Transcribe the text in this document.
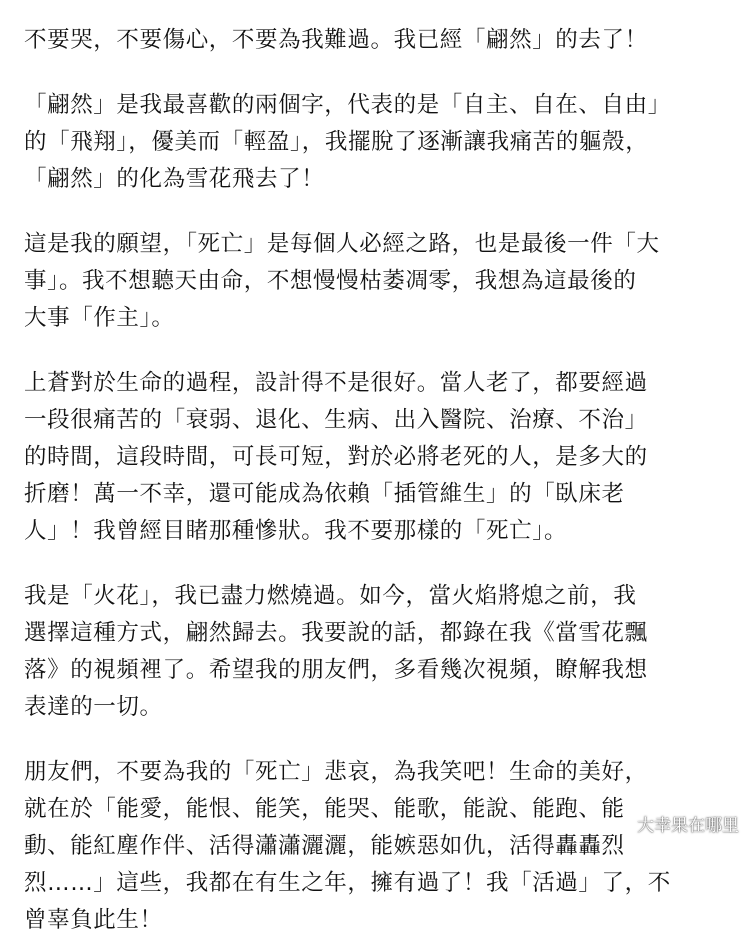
不要哭，不要傷心，不要為我難過。我已經「翩然」的去了！
「翩然」是我最喜歡的兩個字，代表的是「自主、自在、自由」
的「飛翔」，優美而「輕盈」，我擺脫了逐漸讓我痛苦的軀殼，
「翩然」的化為雪花飛去了！
這是我的願望，「死亡」是每個人必經之路，也是最後一件「大
事」。我不想聽天由命，不想慢慢枯萎凋零，我想為這最後的
大事「作主」。
上蒼對於生命的過程，設計得不是很好。當人老了，都要經過
一段很痛苦的「衰弱、退化、生病、出入醫院、治療、不治」
的時間，這段時間，可長可短，對於必將老死的人，是多大的
折磨！萬一不幸，還可能成為依賴「插管維生」的「臥床老
人」！我曾經目睹那種慘狀。我不要那樣的「死亡」。
我是「火花」，我已盡力燃燒過。如今，當火焰將熄之前，我
選擇這種方式，翩然歸去。我要說的話，都錄在我《當雪花飄
落》的視頻裡了。希望我的朋友們，多看幾次視頻，瞭解我想
表達的一切。
朋友們，不要為我的「死亡」悲哀，為我笑吧！生命的美好，
就在於「能愛，能恨、能笑，能哭、能歌，能說、能跑、能
動、能紅塵作伴、活得瀟瀟灑灑，能嫉惡如仇，活得轟轟烈
烈……」這些，我都在有生之年，擁有過了！我「活過」了，不
曾辜負此生！
大幸果在哪里
